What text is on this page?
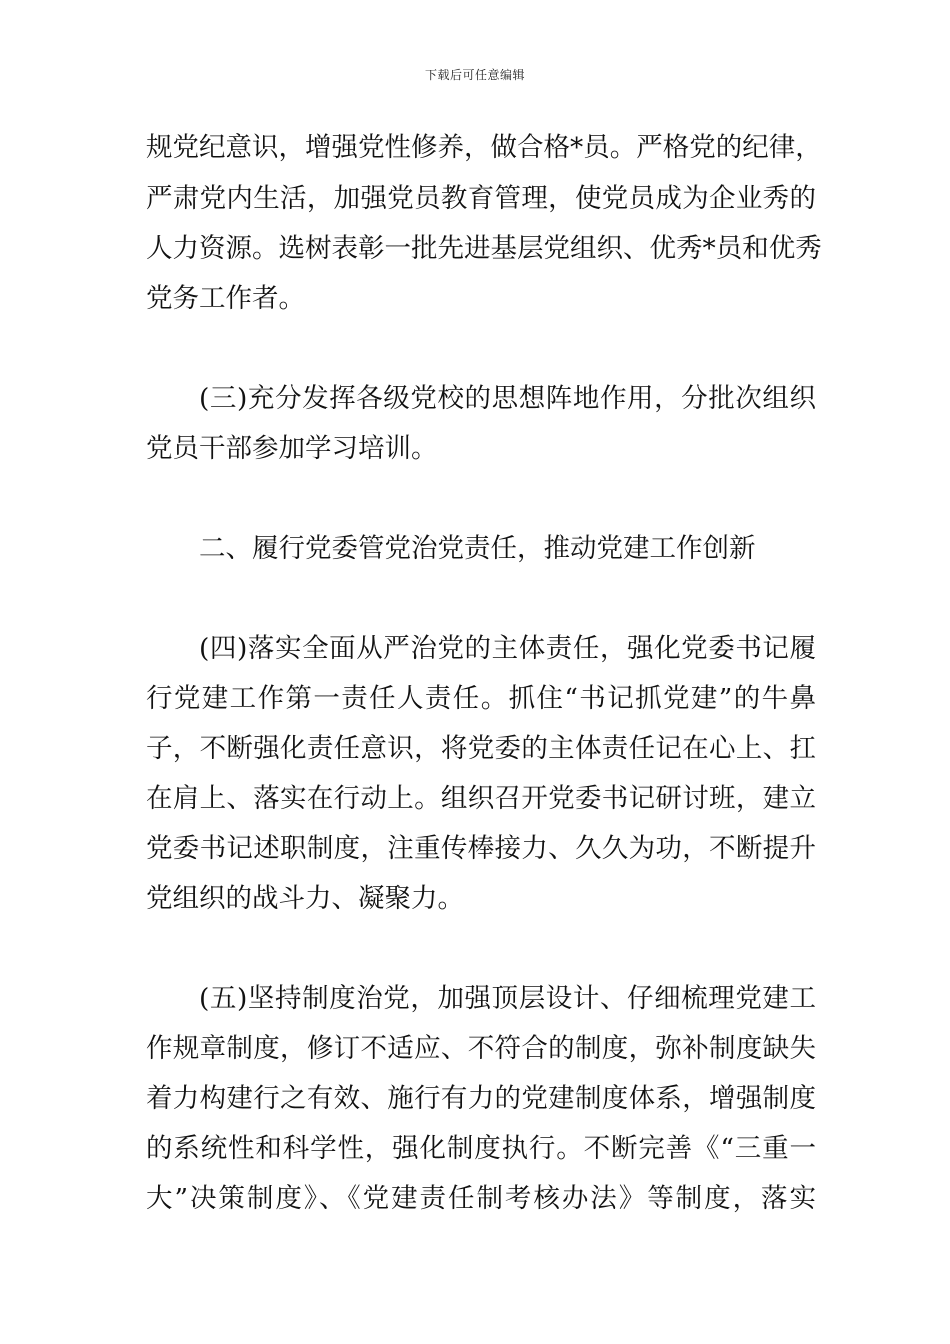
下载后可任意编辑
规党纪意识，增强党性修养，做合格*员。严格党的纪律，
严肃党内生活，加强党员教育管理，使党员成为企业秀的
人力资源。选树表彰一批先进基层党组织、优秀*员和优秀
党务工作者。
(三)充分发挥各级党校的思想阵地作用，分批次组织
党员干部参加学习培训。
二、履行党委管党治党责任，推动党建工作创新
(四)落实全面从严治党的主体责任，强化党委书记履
行党建工作第一责任人责任。抓住“书记抓党建”的牛鼻
子，不断强化责任意识，将党委的主体责任记在心上、扛
在肩上、落实在行动上。组织召开党委书记研讨班，建立
党委书记述职制度，注重传棒接力、久久为功，不断提升
党组织的战斗力、凝聚力。
(五)坚持制度治党，加强顶层设计、仔细梳理党建工
作规章制度，修订不适应、不符合的制度，弥补制度缺失
着力构建行之有效、施行有力的党建制度体系，增强制度
的系统性和科学性，强化制度执行。不断完善《“三重一
大”决策制度》、《党建责任制考核办法》等制度，落实
